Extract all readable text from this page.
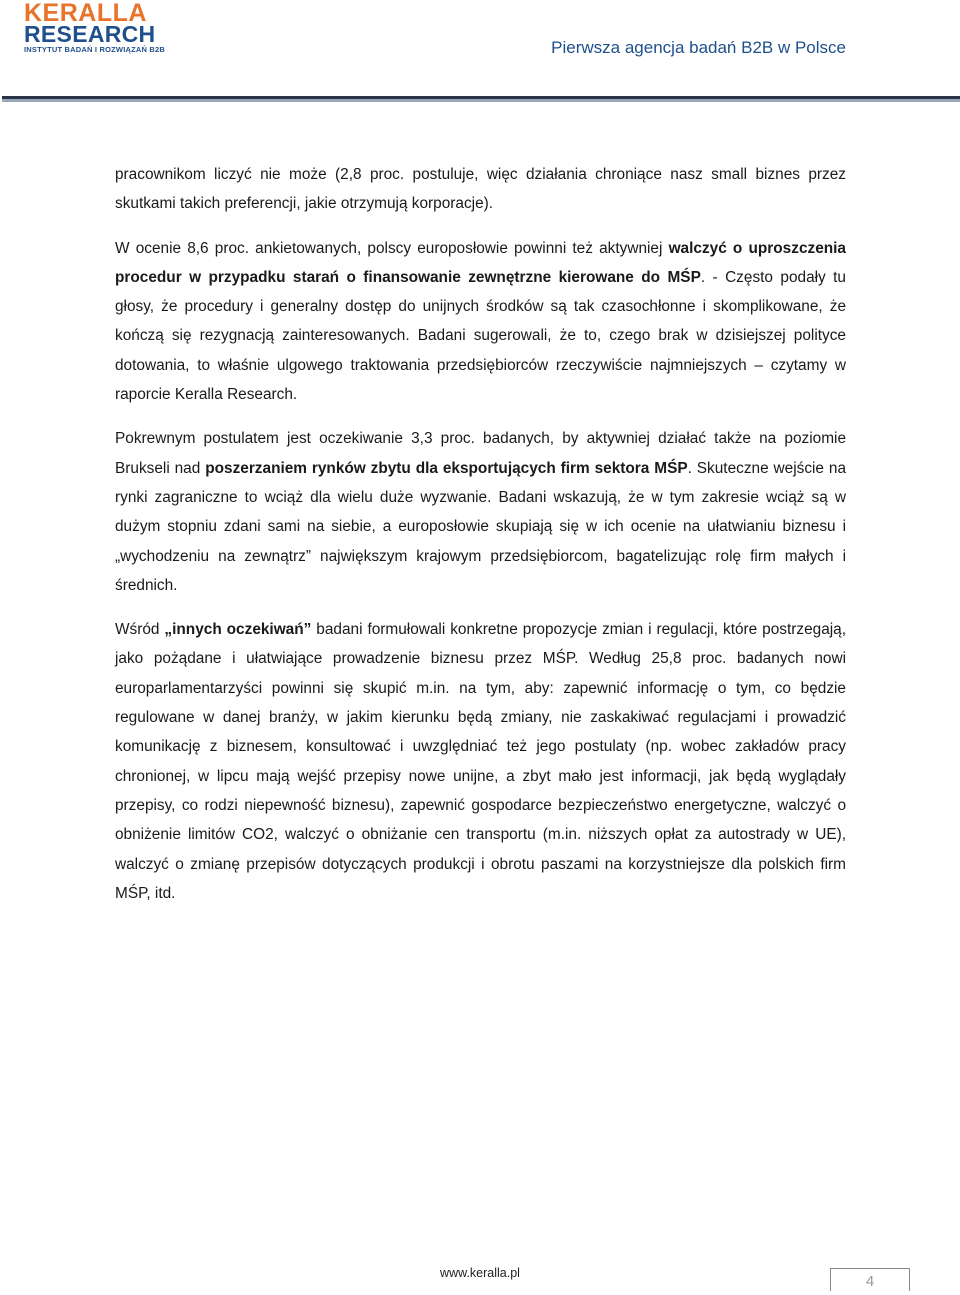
KERALLA
RESEARCH
INSTYTUT BADAŃ I ROZWIĄZAŃ B2B	Pierwsza agencja badań B2B w Polsce

pracownikom liczyć nie może (2,8 proc. postuluje, więc działania chroniące nasz small biznes przez skutkami takich preferencji, jakie otrzymują korporacje).

W ocenie 8,6 proc. ankietowanych, polscy europosłowie powinni też aktywniej walczyć o uproszczenia procedur w przypadku starań o finansowanie zewnętrzne kierowane do MŚP. - Często podały tu głosy, że procedury i generalny dostęp do unijnych środków są tak czasochłonne i skomplikowane, że kończą się rezygnacją zainteresowanych. Badani sugerowali, że to, czego brak w dzisiejszej polityce dotowania, to właśnie ulgowego traktowania przedsiębiorców rzeczywiście najmniejszych – czytamy w raporcie Keralla Research.

Pokrewnym postulatem jest oczekiwanie 3,3 proc. badanych, by aktywniej działać także na poziomie Brukseli nad poszerzaniem rynków zbytu dla eksportujących firm sektora MŚP. Skuteczne wejście na rynki zagraniczne to wciąż dla wielu duże wyzwanie. Badani wskazują, że w tym zakresie wciąż są w dużym stopniu zdani sami na siebie, a europosłowie skupiają się w ich ocenie na ułatwianiu biznesu i „wychodzeniu na zewnątrz” największym krajowym przedsiębiorcom, bagatelizując rolę firm małych i średnich.

Wśród „innych oczekiwań” badani formułowali konkretne propozycje zmian i regulacji, które postrzegają, jako pożądane i ułatwiające prowadzenie biznesu przez MŚP. Według 25,8 proc. badanych nowi europarlamentarzyści powinni się skupić m.in. na tym, aby: zapewnić informację o tym, co będzie regulowane w danej branży, w jakim kierunku będą zmiany, nie zaskakiwać regulacjami i prowadzić komunikację z biznesem, konsultować i uwzględniać też jego postulaty (np. wobec zakładów pracy chronionej, w lipcu mają wejść przepisy nowe unijne, a zbyt mało jest informacji, jak będą wyglądały przepisy, co rodzi niepewność biznesu), zapewnić gospodarce bezpieczeństwo energetyczne, walczyć o obniżenie limitów CO2, walczyć o obniżanie cen transportu (m.in. niższych opłat za autostrady w UE), walczyć o zmianę przepisów dotyczących produkcji i obrotu paszami na korzystniejsze dla polskich firm MŚP, itd.

www.keralla.pl	4
